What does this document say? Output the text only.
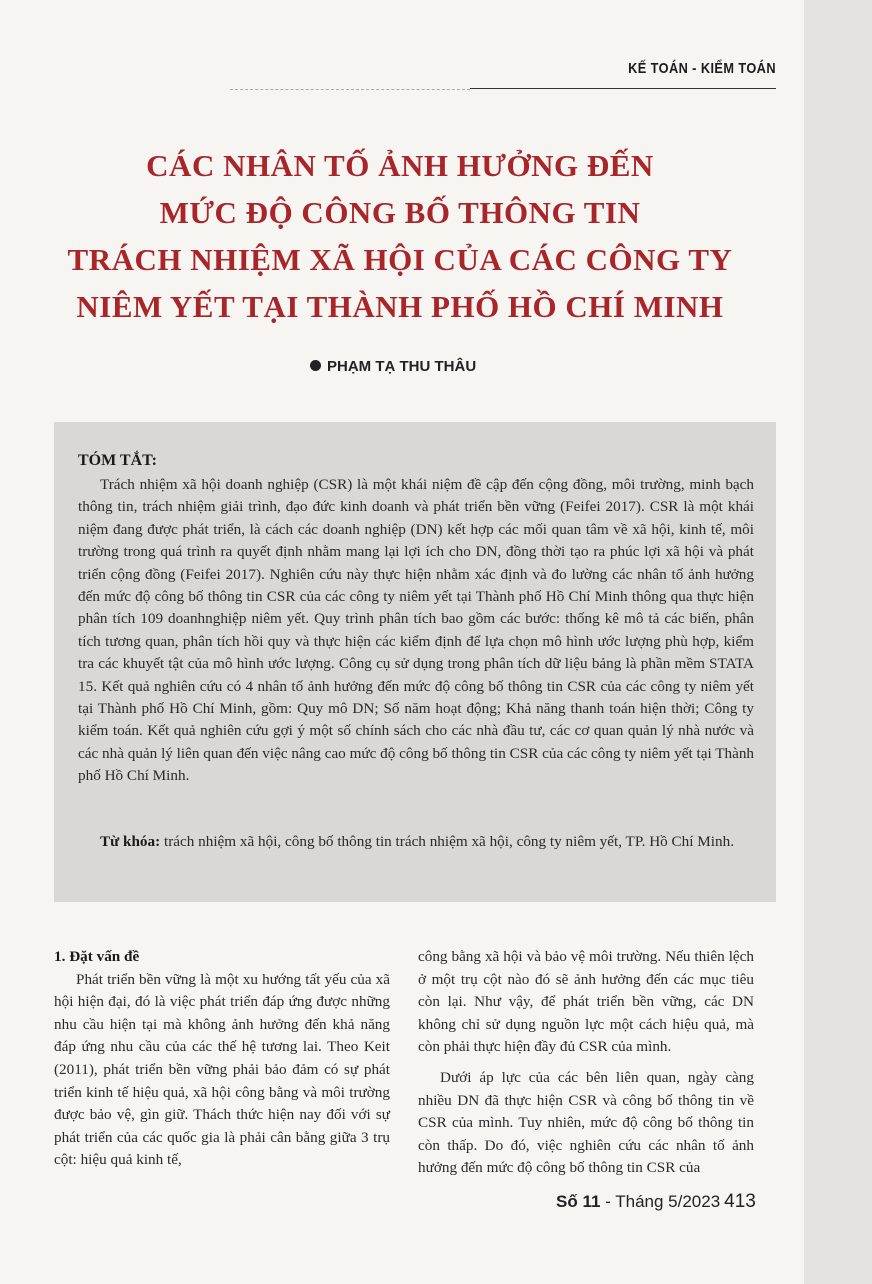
KẾ TOÁN - KIỂM TOÁN
CÁC NHÂN TỐ ẢNH HƯỞNG ĐẾN
MỨC ĐỘ CÔNG BỐ THÔNG TIN
TRÁCH NHIỆM XÃ HỘI CỦA CÁC CÔNG TY
NIÊM YẾT TẠI THÀNH PHỐ HỒ CHÍ MINH
PHẠM TẠ THU THÂU
TÓM TẮT:

Trách nhiệm xã hội doanh nghiệp (CSR) là một khái niệm đề cập đến cộng đồng, môi trường, minh bạch thông tin, trách nhiệm giải trình, đạo đức kinh doanh và phát triển bền vững (Feifei 2017). CSR là một khái niệm đang được phát triển, là cách các doanh nghiệp (DN) kết hợp các mối quan tâm về xã hội, kinh tế, môi trường trong quá trình ra quyết định nhằm mang lại lợi ích cho DN, đồng thời tạo ra phúc lợi xã hội và phát triển cộng đồng (Feifei 2017). Nghiên cứu này thực hiện nhằm xác định và đo lường các nhân tố ảnh hưởng đến mức độ công bố thông tin CSR của các công ty niêm yết tại Thành phố Hồ Chí Minh thông qua thực hiện phân tích 109 doanhnghiệp niêm yết. Quy trình phân tích bao gồm các bước: thống kê mô tả các biến, phân tích tương quan, phân tích hồi quy và thực hiện các kiểm định để lựa chọn mô hình ước lượng phù hợp, kiểm tra các khuyết tật của mô hình ước lượng. Công cụ sử dụng trong phân tích dữ liệu bảng là phần mềm STATA 15. Kết quả nghiên cứu có 4 nhân tố ảnh hưởng đến mức độ công bố thông tin CSR của các công ty niêm yết tại Thành phố Hồ Chí Minh, gồm: Quy mô DN; Số năm hoạt động; Khả năng thanh toán hiện thời; Công ty kiểm toán. Kết quả nghiên cứu gợi ý một số chính sách cho các nhà đầu tư, các cơ quan quản lý nhà nước và các nhà quản lý liên quan đến việc nâng cao mức độ công bố thông tin CSR của các công ty niêm yết tại Thành phố Hồ Chí Minh.

Từ khóa: trách nhiệm xã hội, công bố thông tin trách nhiệm xã hội, công ty niêm yết, TP. Hồ Chí Minh.

1. Đặt vấn đề

Phát triển bền vững là một xu hướng tất yếu của xã hội hiện đại, đó là việc phát triển đáp ứng được những nhu cầu hiện tại mà không ảnh hưởng đến khả năng đáp ứng nhu cầu của các thế hệ tương lai. Theo Keit (2011), phát triển bền vững phải bảo đảm có sự phát triển kinh tế hiệu quả, xã hội công bằng và môi trường được bảo vệ, gìn giữ. Thách thức hiện nay đối với sự phát triển của các quốc gia là phải cân bằng giữa 3 trụ cột: hiệu quả kinh tế,

công bằng xã hội và bảo vệ môi trường. Nếu thiên lệch ở một trụ cột nào đó sẽ ảnh hưởng đến các mục tiêu còn lại. Như vậy, để phát triển bền vững, các DN không chỉ sử dụng nguồn lực một cách hiệu quả, mà còn phải thực hiện đầy đủ CSR của mình.

Dưới áp lực của các bên liên quan, ngày càng nhiều DN đã thực hiện CSR và công bố thông tin về CSR của mình. Tuy nhiên, mức độ công bố thông tin còn thấp. Do đó, việc nghiên cứu các nhân tố ảnh hưởng đến mức độ công bố thông tin CSR của

Số 11 - Tháng 5/2023 413
